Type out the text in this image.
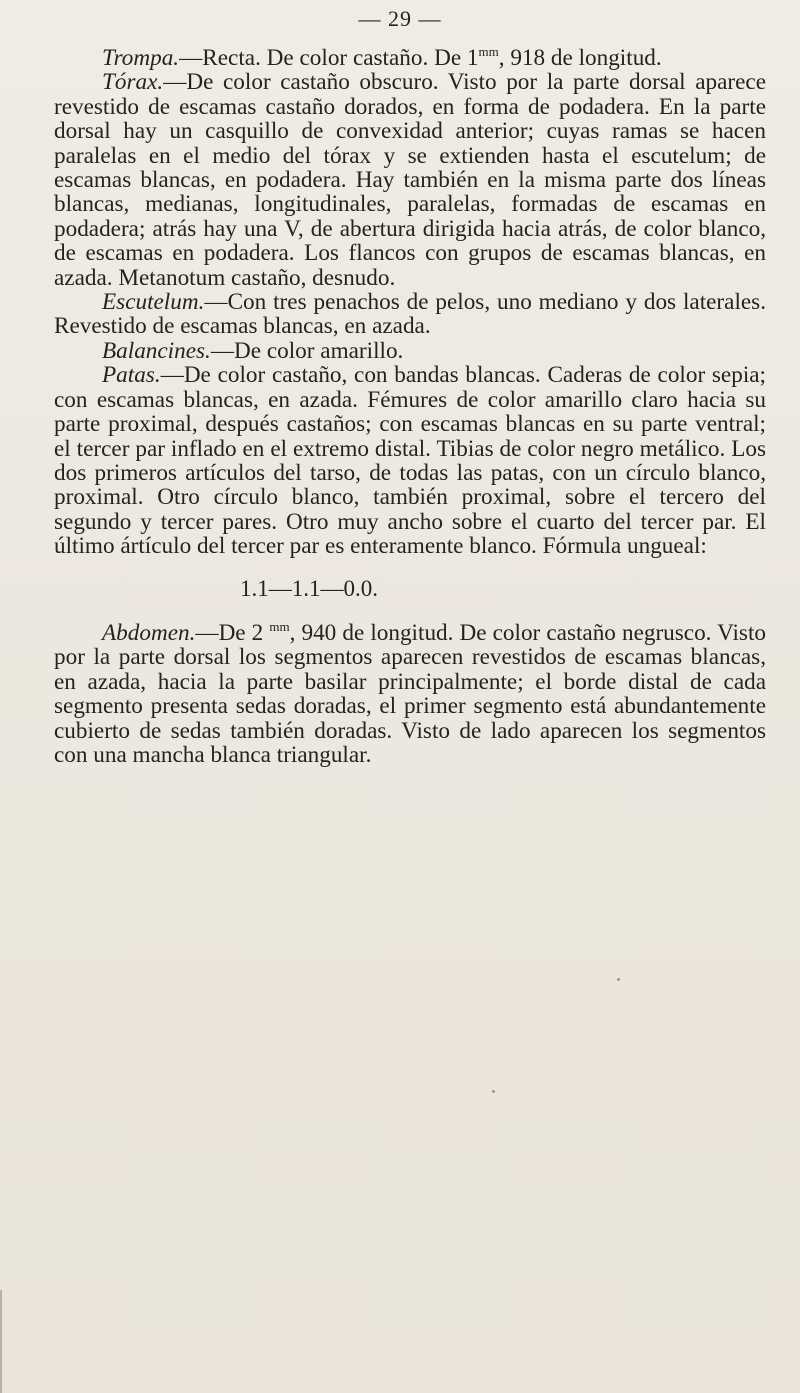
— 29 —

Trompa.—Recta. De color castaño. De $1^{mm}$, 918 de longitud.

Tórax.—De color castaño obscuro. Visto por la parte dorsal aparece revestido de escamas castaño dorados, en forma de podadera. En la parte dorsal hay un casquillo de convexidad anterior; cuyas ramas se hacen paralelas en el medio del tórax y se extienden hasta el escutelum; de escamas blancas, en podadera. Hay también en la misma parte dos líneas blancas, medianas, longitudinales, paralelas, formadas de escamas en podadera; atrás hay una V, de abertura dirigida hacia atrás, de color blanco, de escamas en podadera. Los flancos con grupos de escamas blancas, en azada. Metanotum castaño, desnudo.

Escutelum.—Con tres penachos de pelos, uno mediano y dos laterales. Revestido de escamas blancas, en azada.

Balancines.—De color amarillo.

Patas.—De color castaño, con bandas blancas. Caderas de color sepia; con escamas blancas, en azada. Fémures de color amarillo claro hacia su parte proximal, después castaños; con escamas blancas en su parte ventral; el tercer par inflado en el extremo distal. Tibias de color negro metálico. Los dos primeros artículos del tarso, de todas las patas, con un círculo blanco, proximal. Otro círculo blanco, también proximal, sobre el tercero del segundo y tercer pares. Otro muy ancho sobre el cuarto del tercer par. El último ártículo del tercer par es enteramente blanco. Fórmula ungueal:

1.1—1.1—0.0.

Abdomen.—De 2 $^{mm}$, 940 de longitud. De color castaño negrusco. Visto por la parte dorsal los segmentos aparecen revestidos de escamas blancas, en azada, hacia la parte basilar principalmente; el borde distal de cada segmento presenta sedas doradas, el primer segmento está abundantemente cubierto de sedas también doradas. Visto de lado aparecen los segmentos con una mancha blanca triangular.
